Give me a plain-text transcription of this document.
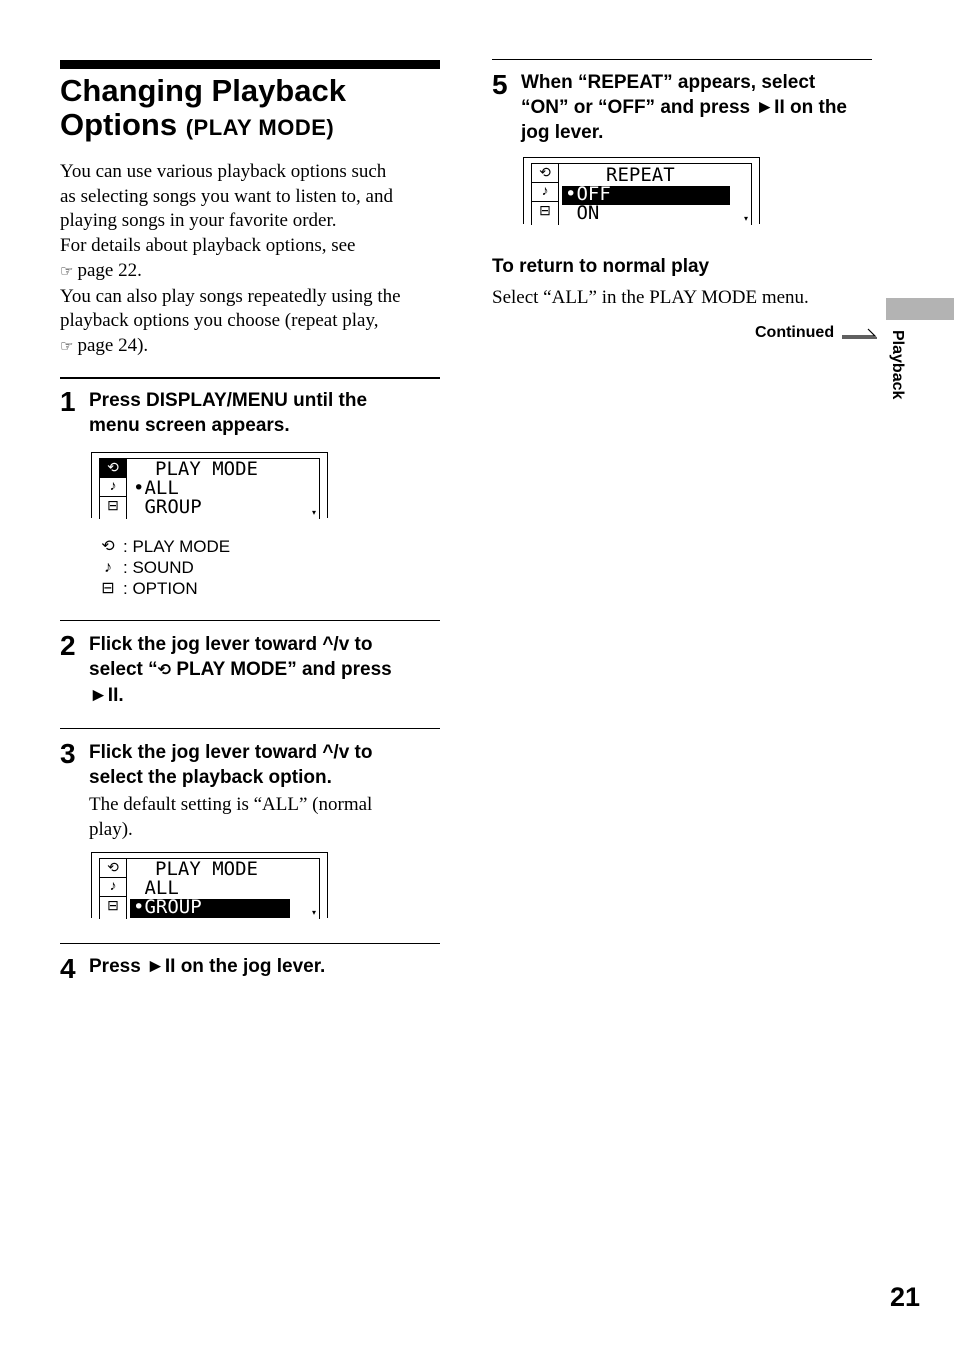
Changing Playback
Options (PLAY MODE)
You can use various playback options such
as selecting songs you want to listen to, and
playing songs in your favorite order.
For details about playback options, see
☞ page 22.
You can also play songs repeatedly using the
playback options you choose (repeat play,
☞ page 24).
1 Press DISPLAY/MENU until the
menu screen appears.
⟲
♪
⊟
PLAY MODE
•ALL
GROUP	▾
⟲ : PLAY MODE
♪ : SOUND
⊟ : OPTION
2 Flick the jog lever toward ^/v to
select “⟲ PLAY MODE” and press
►II.
3 Flick the jog lever toward ^/v to
select the playback option.
The default setting is “ALL” (normal
play).
⟲
♪
⊟
PLAY MODE
ALL
•GROUP	▾
4 Press ►II on the jog lever.
5 When “REPEAT” appears, select
“ON” or “OFF” and press ►II on the
jog lever.
⟲
♪
⊟
REPEAT
•OFF
ON	▾
To return to normal play
Select “ALL” in the PLAY MODE menu.
Continued	Playback
21
